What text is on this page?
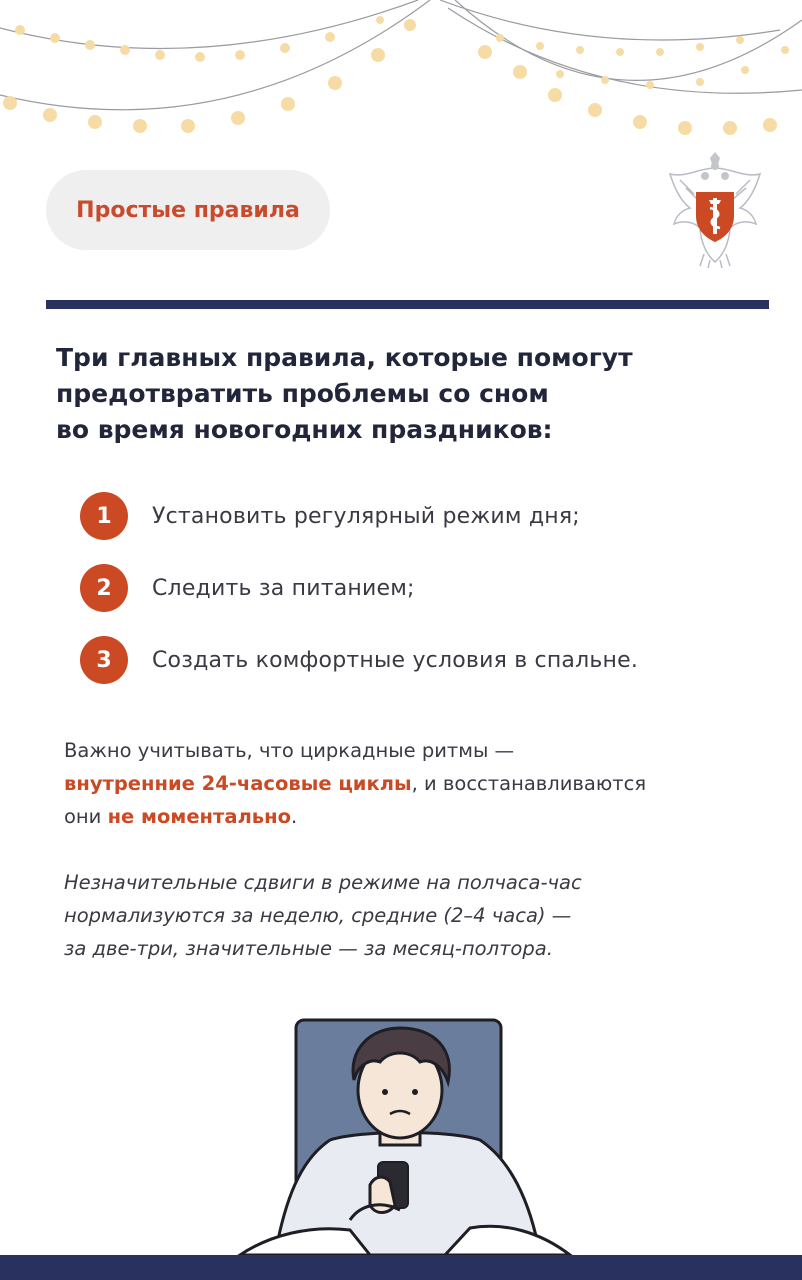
Простые правила
Три главных правила, которые помогут
предотвратить проблемы со сном
во время новогодних праздников:
1	Установить регулярный режим дня;
2	Следить за питанием;
3	Создать комфортные условия в спальне.

Важно учитывать, что циркадные ритмы —
внутренние 24-часовые циклы, и восстанавливаются
они не моментально.

Незначительные сдвиги в режиме на полчаса-час
нормализуются за неделю, средние (2–4 часа) —
за две-три, значительные — за месяц-полтора.
